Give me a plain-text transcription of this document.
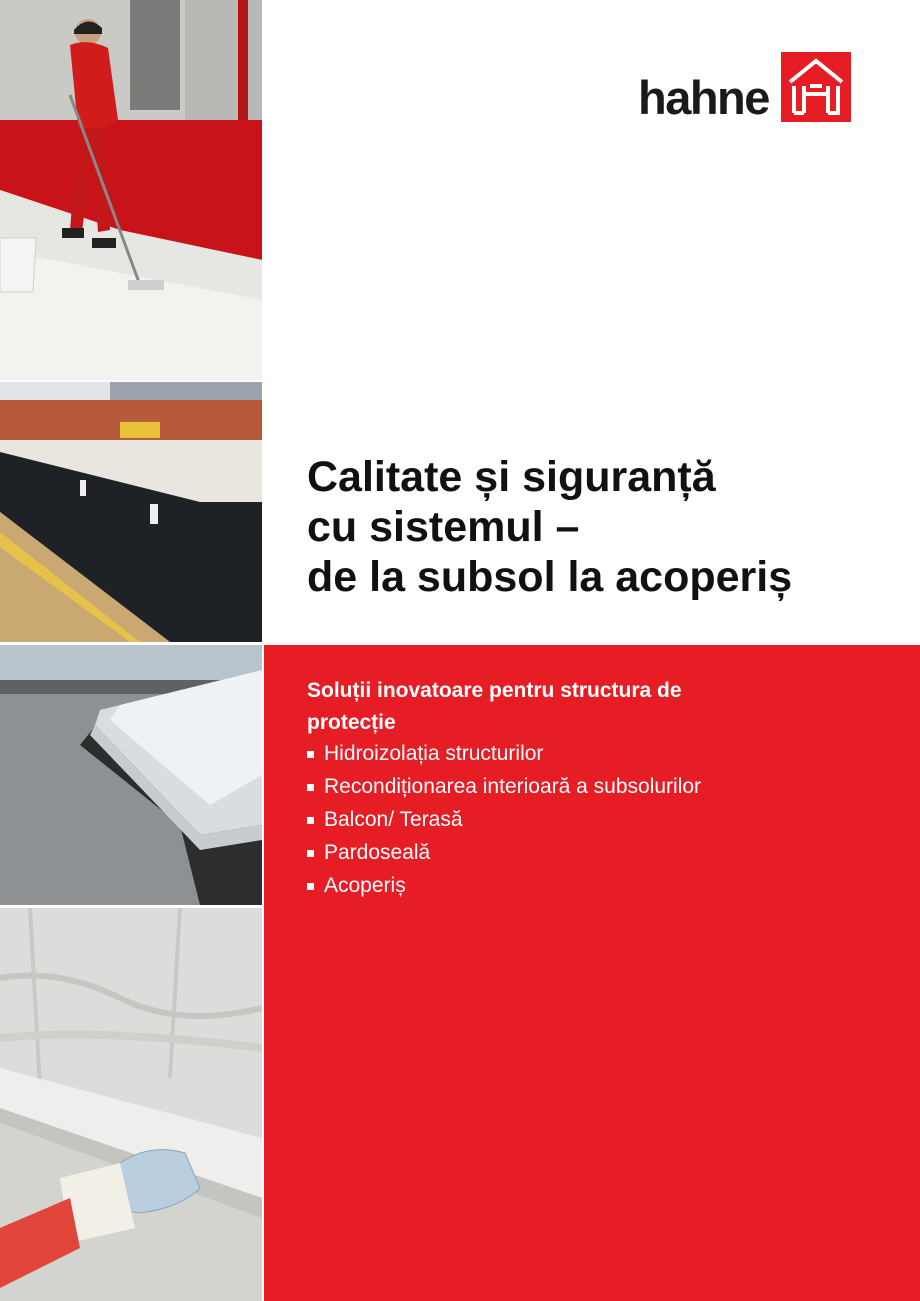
hahne
Calitate și siguranță
cu sistemul –
de la subsol la acoperiș
Soluții inovatoare pentru structura de
protecție
Hidroizolația structurilor
Recondiționarea interioară a subsolurilor
Balcon/ Terasă
Pardoseală
Acoperiș
